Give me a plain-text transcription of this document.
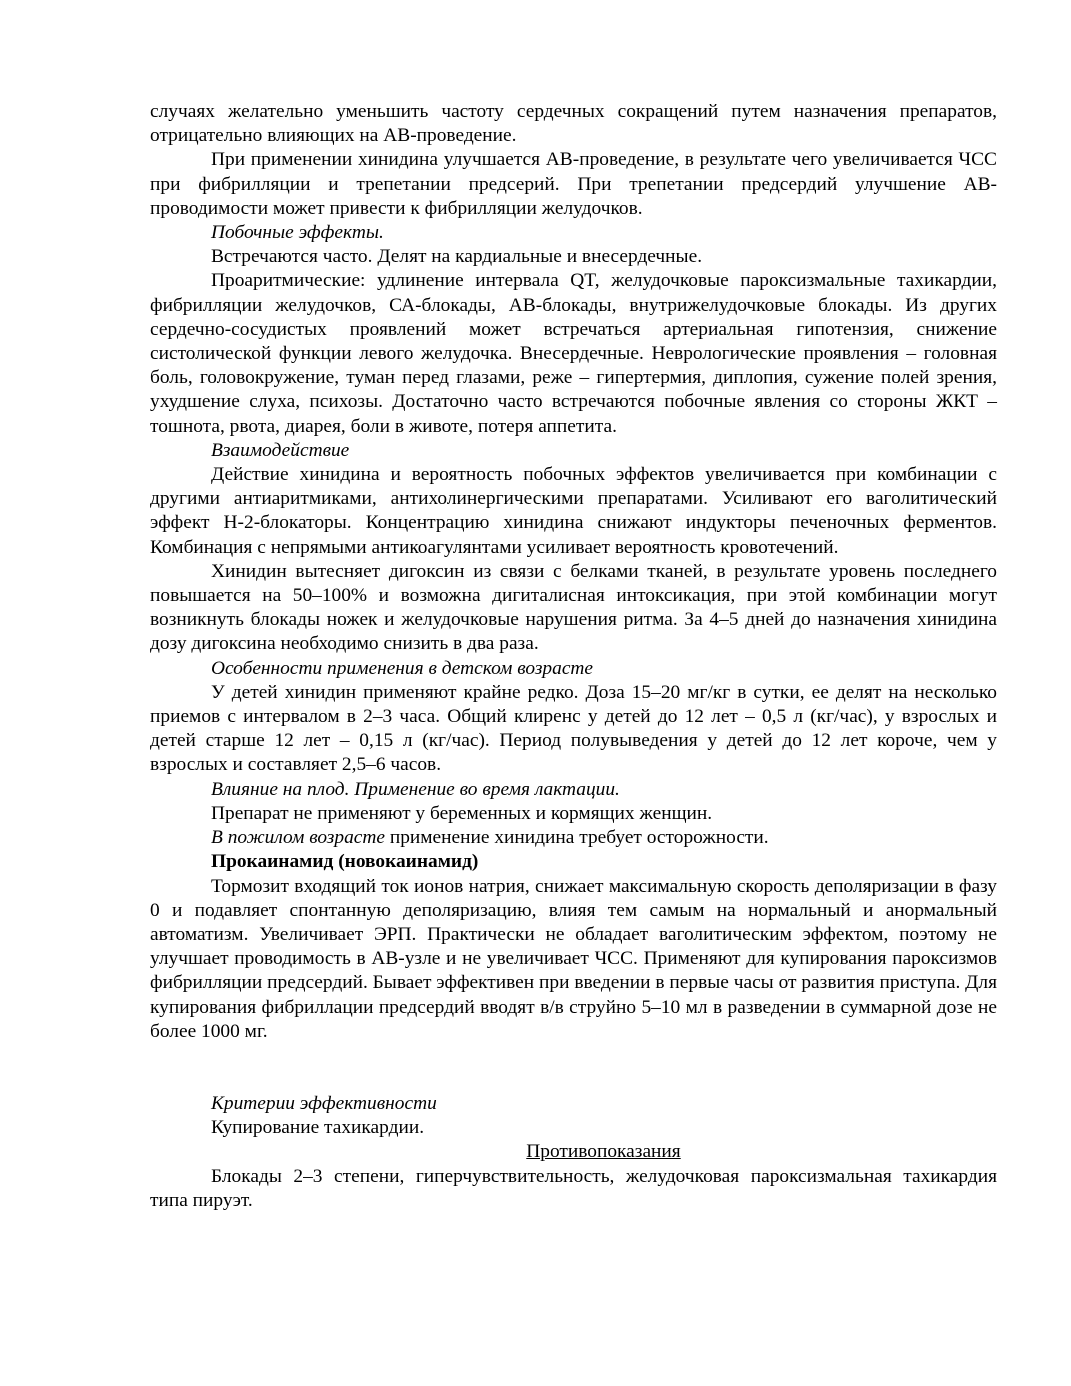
случаях желательно уменьшить частоту сердечных сокращений путем назначения препаратов, отрицательно влияющих на АВ-проведение.

При применении хинидина улучшается АВ-проведение, в результате чего увеличивается ЧСС при фибрилляции и трепетании предсерий. При трепетании предсердий улучшение АВ-проводимости может привести к фибрилляции желудочков.

Побочные эффекты.

Встречаются часто. Делят на кардиальные и внесердечные.

Проаритмические: удлинение интервала QT, желудочковые пароксизмальные тахикардии, фибрилляции желудочков, СА-блокады, АВ-блокады, внутрижелудочковые блокады. Из других сердечно-сосудистых проявлений может встречаться артериальная гипотензия, снижение систолической функции левого желудочка. Внесердечные. Неврологические проявления – головная боль, головокружение, туман перед глазами, реже – гипертермия, диплопия, сужение полей зрения, ухудшение слуха, психозы. Достаточно часто встречаются побочные явления со стороны ЖКТ – тошнота, рвота, диарея, боли в животе, потеря аппетита.

Взаимодействие

Действие хинидина и вероятность побочных эффектов увеличивается при комбинации с другими антиаритмиками, антихолинергическими препаратами. Усиливают его ваголитический эффект Н-2-блокаторы. Концентрацию хинидина снижают индукторы печеночных ферментов. Комбинация с непрямыми антикоагулянтами усиливает вероятность кровотечений.

Хинидин вытесняет дигоксин из связи с белками тканей, в результате уровень последнего повышается на 50–100% и возможна дигиталисная интоксикация, при этой комбинации могут возникнуть блокады ножек и желудочковые нарушения ритма. За 4–5 дней до назначения хинидина дозу дигоксина необходимо снизить в два раза.

Особенности применения в детском возрасте

У детей хинидин применяют крайне редко. Доза 15–20 мг/кг в сутки, ее делят на несколько приемов с интервалом в 2–3 часа. Общий клиренс у детей до 12 лет – 0,5 л (кг/час), у взрослых и детей старше 12 лет – 0,15 л (кг/час). Период полувыведения у детей до 12 лет короче, чем у взрослых и составляет 2,5–6 часов.

Влияние на плод. Применение во время лактации.

Препарат не применяют у беременных и кормящих женщин.

В пожилом возрасте применение хинидина требует осторожности.

Прокаинамид (новокаинамид)

Тормозит входящий ток ионов натрия, снижает максимальную скорость деполяризации в фазу 0 и подавляет спонтанную деполяризацию, влияя тем самым на нормальный и анормальный автоматизм. Увеличивает ЭРП. Практически не обладает ваголитическим эффектом, поэтому не улучшает проводимость в АВ-узле и не увеличивает ЧСС. Применяют для купирования пароксизмов фибрилляции предсердий. Бывает эффективен при введении в первые часы от развития приступа. Для купирования фибриллации предсердий вводят в/в струйно 5–10 мл в разведении в суммарной дозе не более 1000 мг.

Критерии эффективности

Купирование тахикардии.

Противопоказания

Блокады 2–3 степени, гиперчувствительность, желудочковая пароксизмальная тахикардия типа пируэт.
